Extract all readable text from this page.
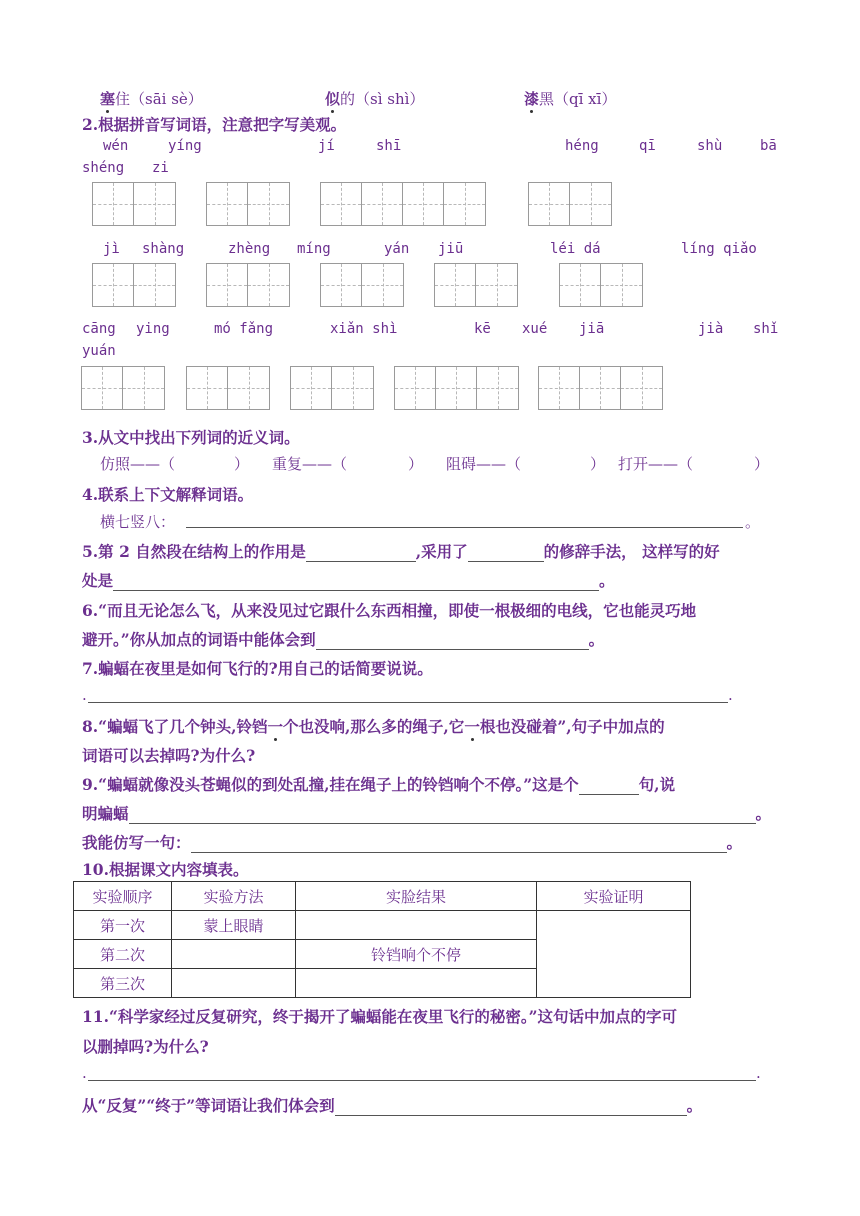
塞住（sāi sè）	似的（sì shì）	漆黑（qī xī）
2.根据拼音写词语，注意把字写美观。
wén	yíng	jí	shī	héng	qī	shù	bā
shéng zi
jì shàng	zhèng míng	yán jiū	léi dá	líng qiǎo
cāng ying	mó fǎng	xiǎn shì	kē xué jiā	jià shǐ
yuán
3.从文中找出下列词的近义词。
仿照——（	） 重复——（	） 阻碍——（	） 打开——（	）
4.联系上下文解释词语。
横七竖八：	。
5.第 2 自然段在结构上的作用是	,采用了	的修辞手法， 这样写的好
处是	。
6.“而且无论怎么飞，从来没见过它跟什么东西相撞，即使一根极细的电线，它也能灵巧地
避开。”你从加点的词语中能体会到	。
7.蝙蝠在夜里是如何飞行的?用自己的话简要说说。
.	.
8.“蝙蝠飞了几个钟头,铃铛一个也没响,那么多的绳子,它一根也没碰着”,句子中加点的
词语可以去掉吗?为什么?
9.“蝙蝠就像没头苍蝇似的到处乱撞,挂在绳子上的铃铛响个不停。”这是个	句,说
明蝙蝠	。
我能仿写一句：	。
10.根据课文内容填表。
实验顺序	实验方法	实脸结果	实验证明
第一次	蒙上眼睛		
第二次		铃铛响个不停	
第三次			
11.“科学家经过反复研究，终于揭开了蝙蝠能在夜里飞行的秘密。”这句话中加点的字可
以删掉吗?为什么?
.	.
从“反复”“终于”等词语让我们体会到	。
